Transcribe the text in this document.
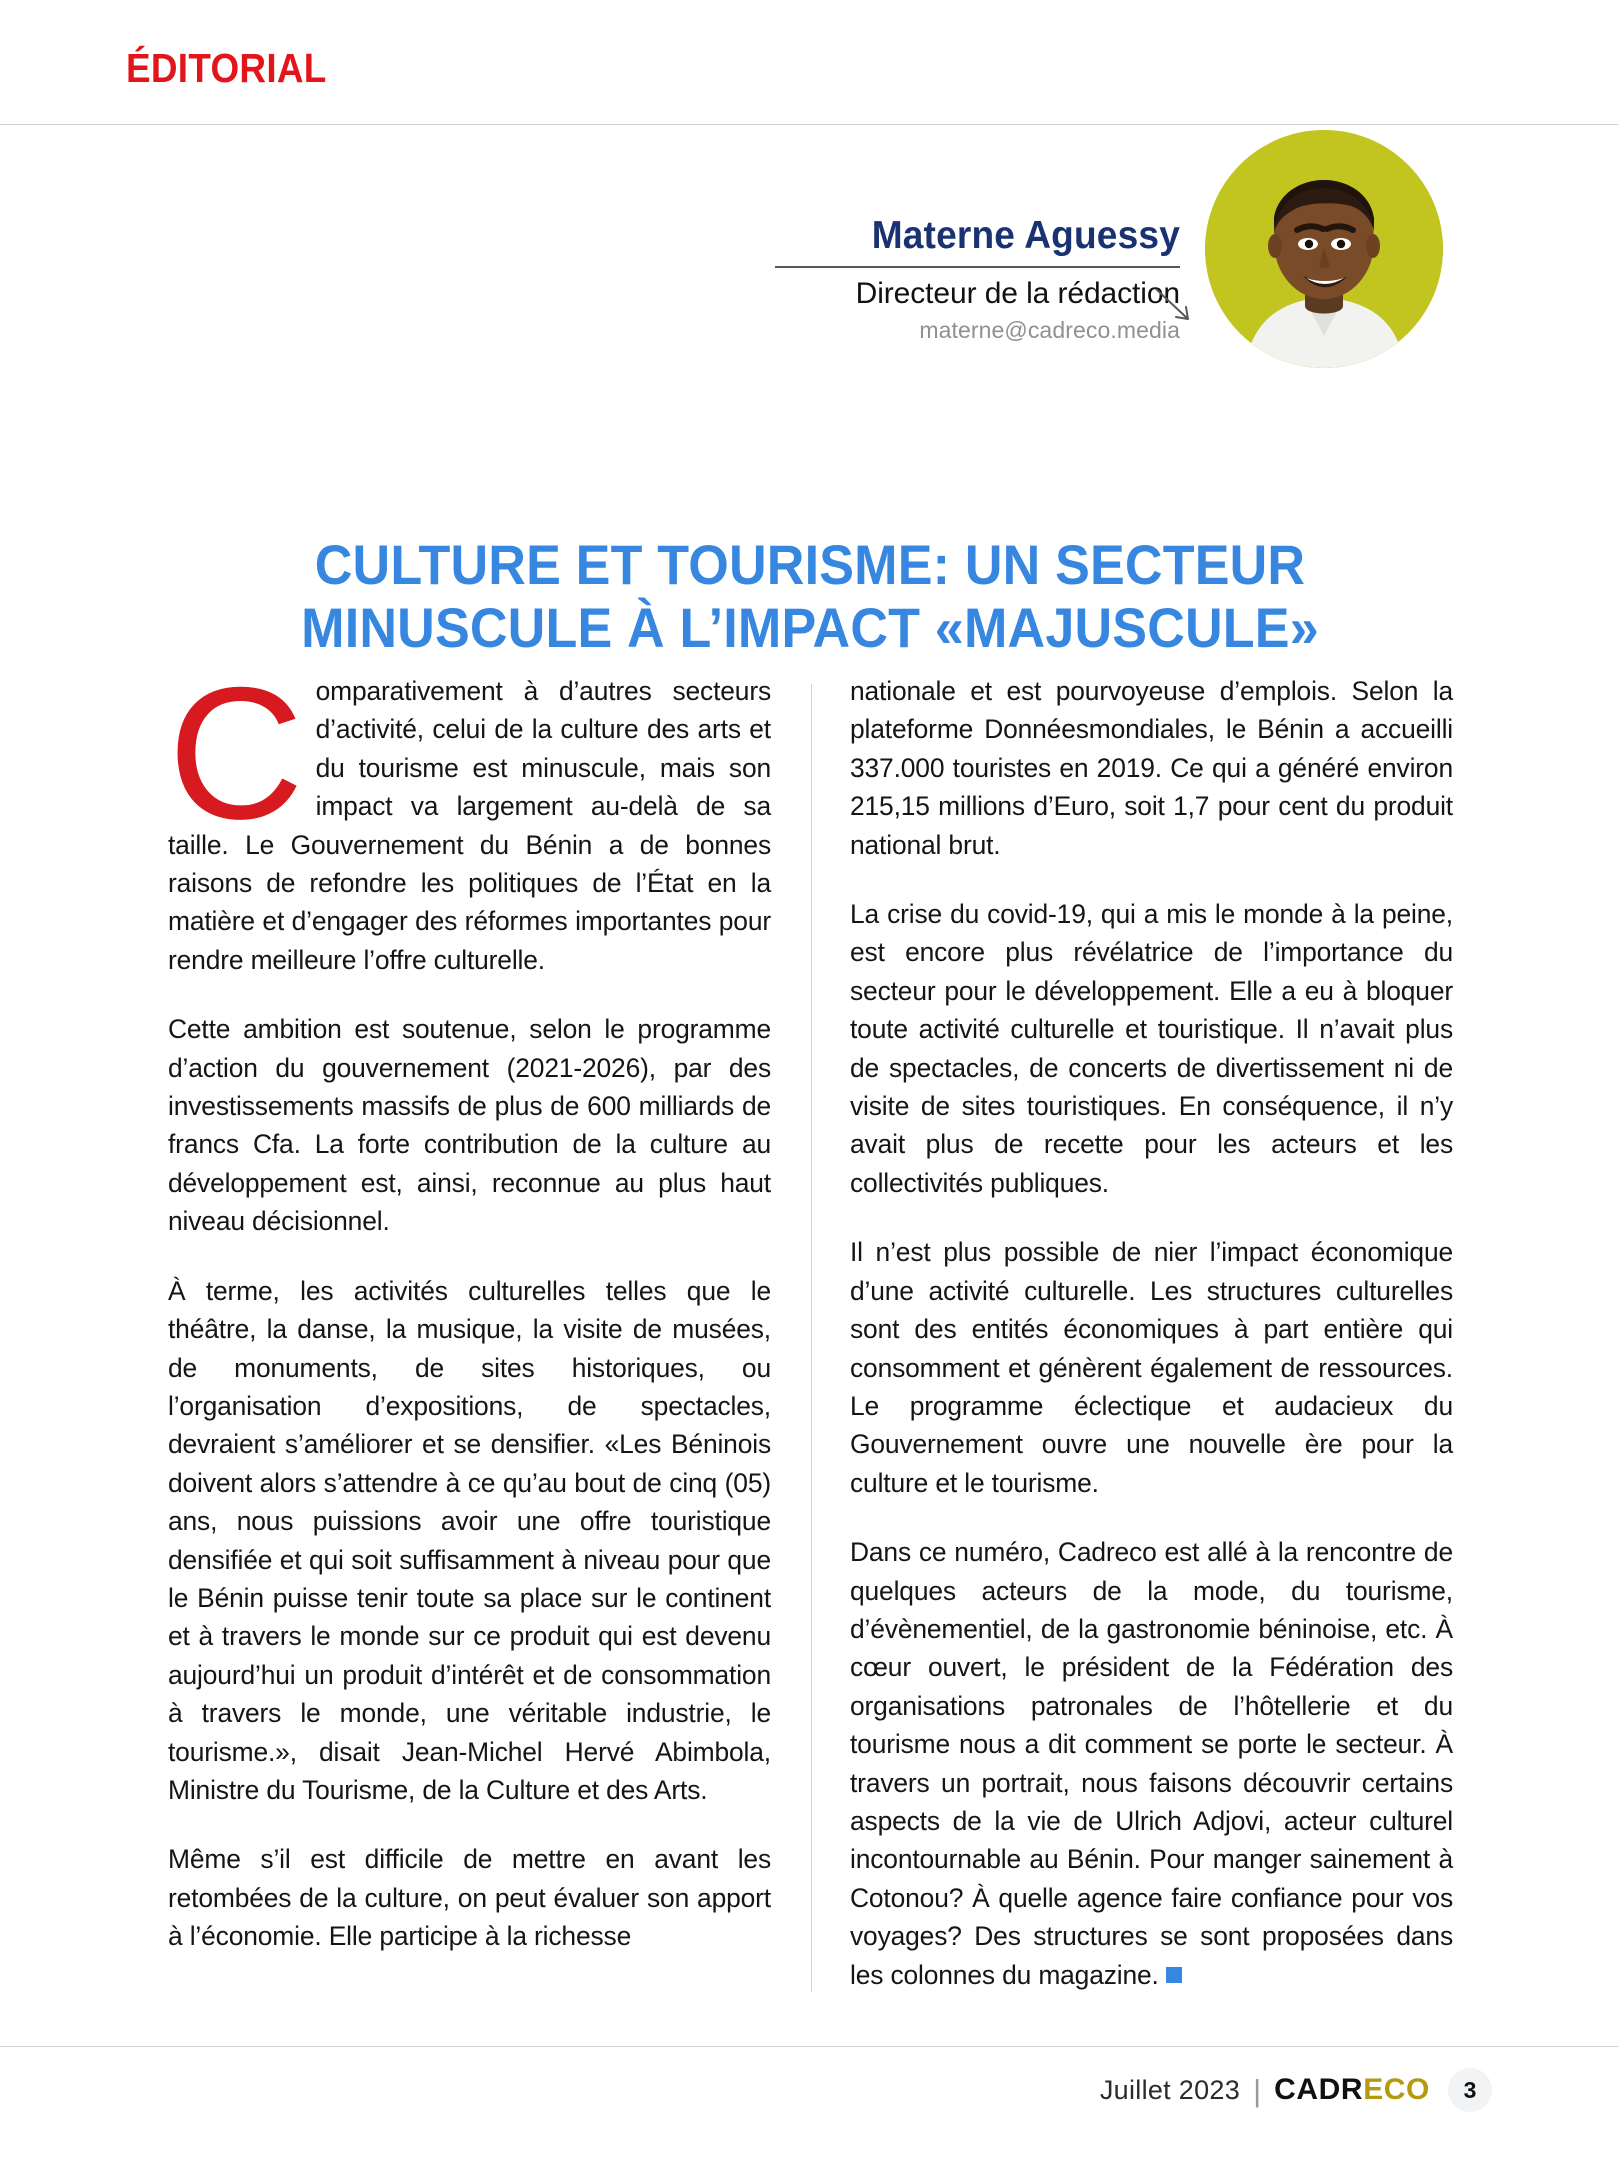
ÉDITORIAL
Materne Aguessy
Directeur de la rédaction
materne@cadreco.media
CULTURE ET TOURISME: UN SECTEUR
MINUSCULE À L’IMPACT «MAJUSCULE»

Comparativement à d’autres secteurs d’activité, celui de la culture des arts et du tourisme est minuscule, mais son impact va largement au-delà de sa taille. Le Gouvernement du Bénin a de bonnes raisons de refondre les politiques de l’État en la matière et d’engager des réformes importantes pour rendre meilleure l’offre culturelle.

Cette ambition est soutenue, selon le programme d’action du gouvernement (2021-2026), par des investissements massifs de plus de 600 milliards de francs Cfa. La forte contribution de la culture au développement est, ainsi, reconnue au plus haut niveau décisionnel.

À terme, les activités culturelles telles que le théâtre, la danse, la musique, la visite de musées, de monuments, de sites historiques, ou l’organisation d’expositions, de spectacles, devraient s’améliorer et se densifier. «Les Béninois doivent alors s’attendre à ce qu’au bout de cinq (05) ans, nous puissions avoir une offre touristique densifiée et qui soit suffisamment à niveau pour que le Bénin puisse tenir toute sa place sur le continent et à travers le monde sur ce produit qui est devenu aujourd’hui un produit d’intérêt et de consommation à travers le monde, une véritable industrie, le tourisme.», disait Jean-Michel Hervé Abimbola, Ministre du Tourisme, de la Culture et des Arts.

Même s’il est difficile de mettre en avant les retombées de la culture, on peut évaluer son apport à l’économie. Elle participe à la richesse

nationale et est pourvoyeuse d’emplois. Selon la plateforme Donnéesmondiales, le Bénin a accueilli 337.000 touristes en 2019. Ce qui a généré environ 215,15 millions d’Euro, soit 1,7 pour cent du produit national brut.

La crise du covid-19, qui a mis le monde à la peine, est encore plus révélatrice de l’importance du secteur pour le développement. Elle a eu à bloquer toute activité culturelle et touristique. Il n’avait plus de spectacles, de concerts de divertissement ni de visite de sites touristiques. En conséquence, il n’y avait plus de recette pour les acteurs et les collectivités publiques.

Il n’est plus possible de nier l’impact économique d’une activité culturelle. Les structures culturelles sont des entités économiques à part entière qui consomment et génèrent également de ressources. Le programme éclectique et audacieux du Gouvernement ouvre une nouvelle ère pour la culture et le tourisme.

Dans ce numéro, Cadreco est allé à la rencontre de quelques acteurs de la mode, du tourisme, d’évènementiel, de la gastronomie béninoise, etc. À cœur ouvert, le président de la Fédération des organisations patronales de l’hôtellerie et du tourisme nous a dit comment se porte le secteur. À travers un portrait, nous faisons découvrir certains aspects de la vie de Ulrich Adjovi, acteur culturel incontournable au Bénin. Pour manger sainement à Cotonou? À quelle agence faire confiance pour vos voyages? Des structures se sont proposées dans les colonnes du magazine.

Juillet 2023 | CADRECO	3
